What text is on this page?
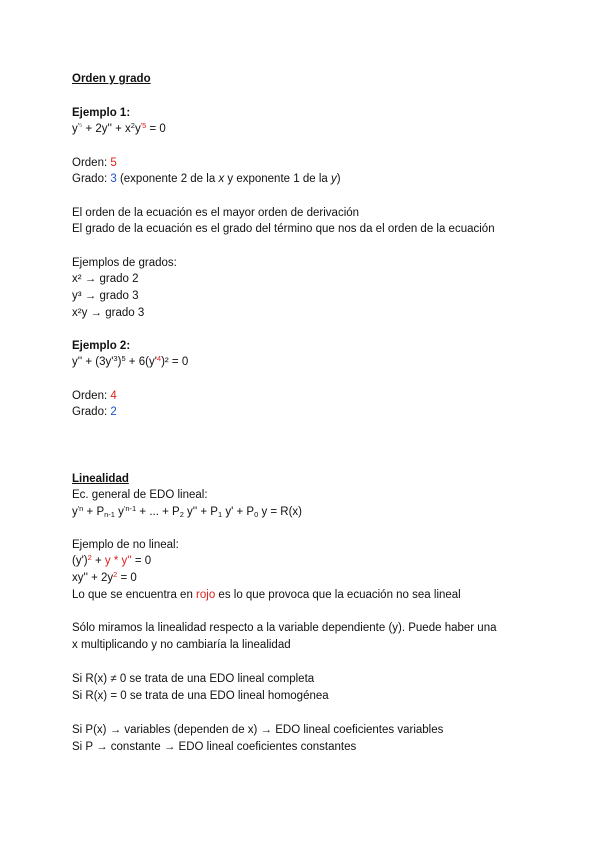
Orden y grado
Ejemplo 1:
$y^{'^5} + 2y'' + x^2y^{'5} = 0$
Orden: 5
Grado: 3 (exponente 2 de la x y exponente 1 de la y)
El orden de la ecuación es el mayor orden de derivación
El grado de la ecuación es el grado del término que nos da el orden de la ecuación
Ejemplos de grados:
x² → grado 2
y³ → grado 3
x²y → grado 3
Ejemplo 2:
$y'' + (3y'^3)^5 + 6(y'^4)^2 = 0$
Orden: 4
Grado: 2
Linealidad
Ec. general de EDO lineal:
$y^{'n} + P_{n-1}$ $y^{'n-1}$ + ... + $P_2$ $y'' + P_1$ $y' + P_0$ y = R(x)
Ejemplo de no lineal:
$(y')^2 + y * y'' = 0$
$xy'' + 2y^2 = 0$
Lo que se encuentra en rojo es lo que provoca que la ecuación no sea lineal
Sólo miramos la linealidad respecto a la variable dependiente (y). Puede haber una
x multiplicando y no cambiaría la linealidad
Si R(x) ≠ 0 se trata de una EDO lineal completa
Si R(x) = 0 se trata de una EDO lineal homogénea
Si P(x) → variables (dependen de x) → EDO lineal coeficientes variables
Si P → constante → EDO lineal coeficientes constantes
